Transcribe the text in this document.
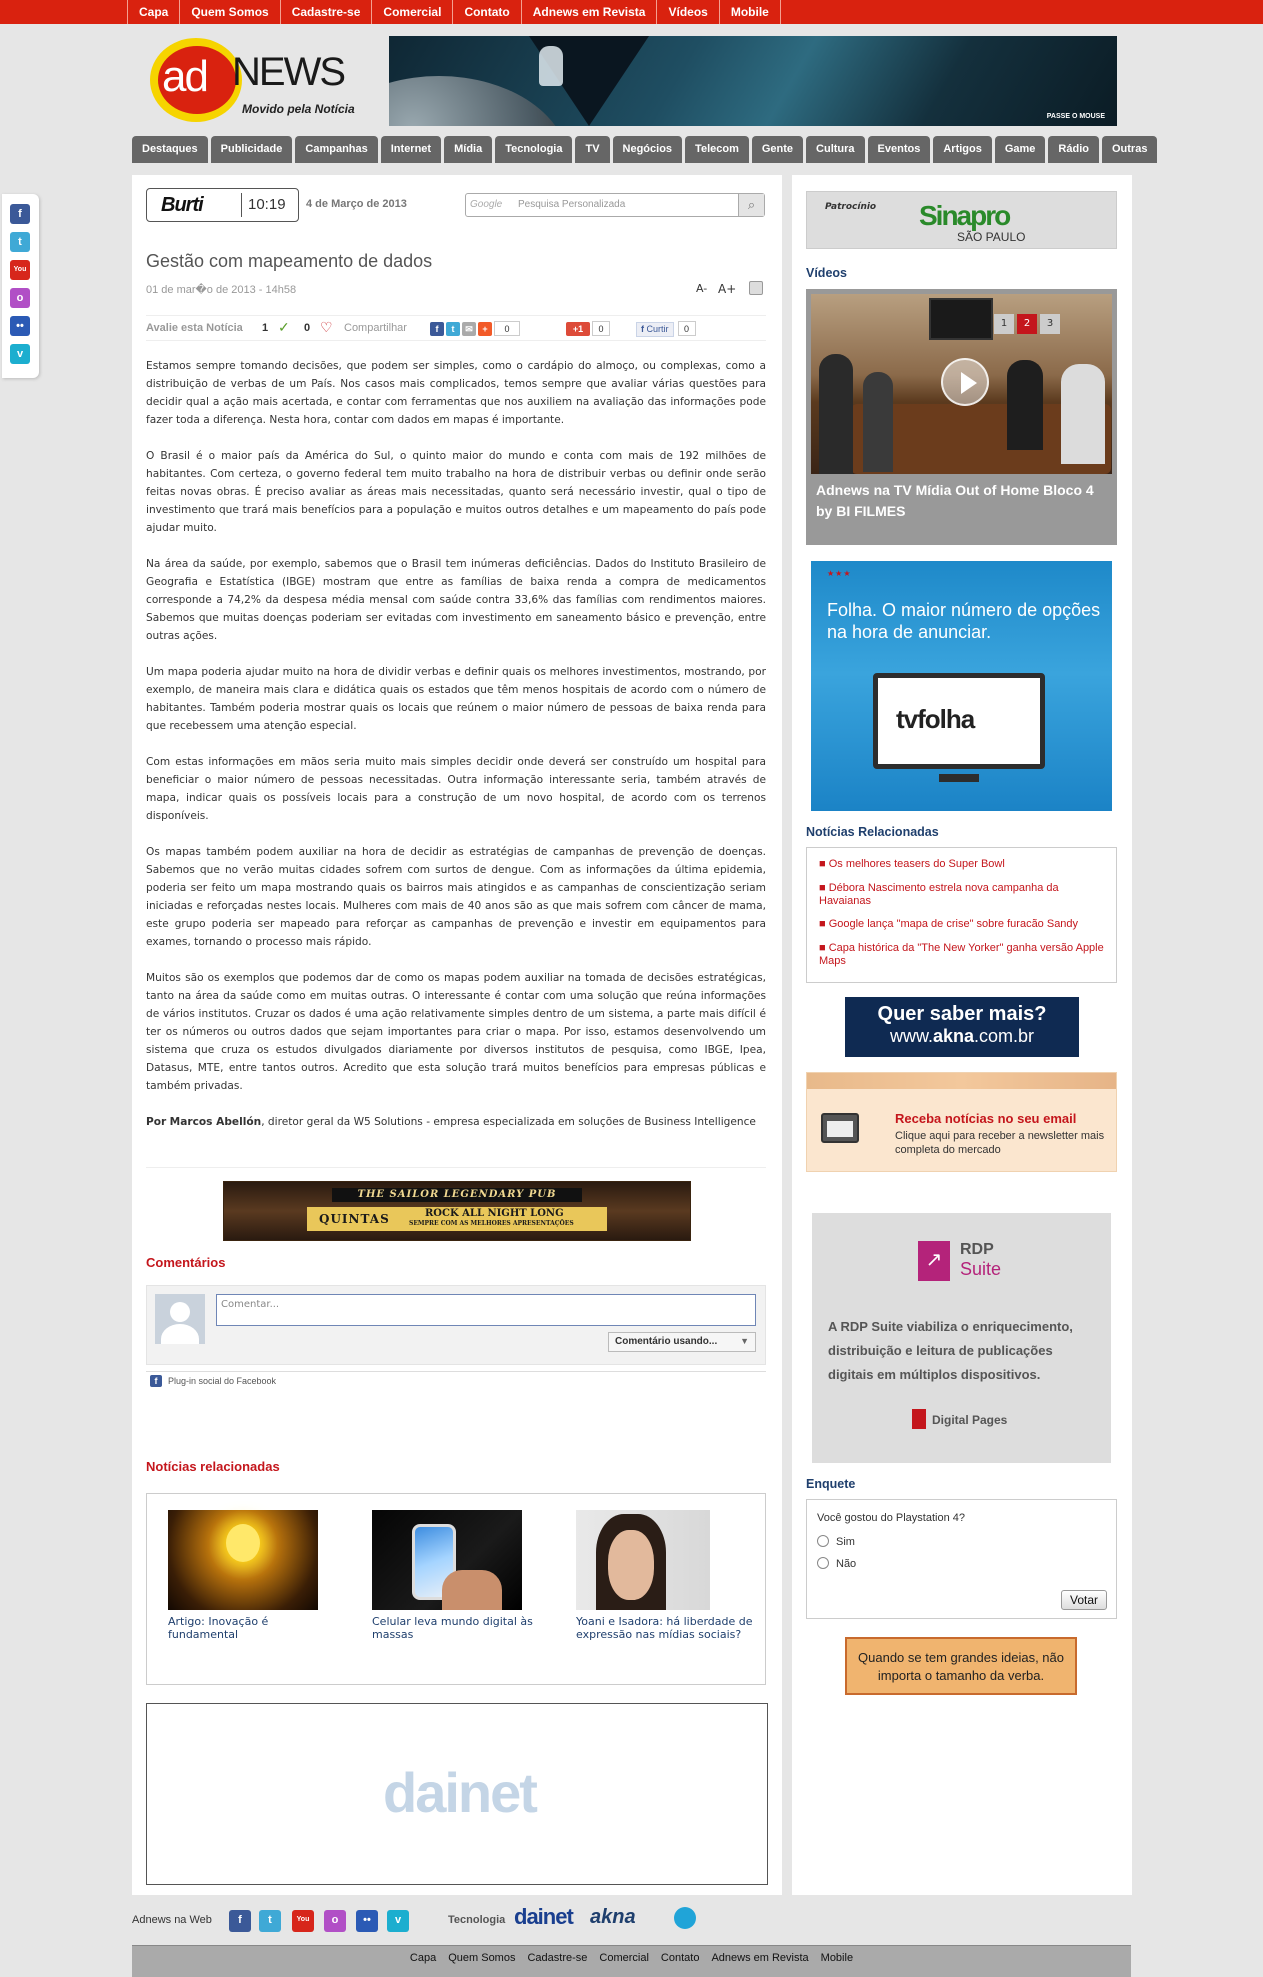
Capa	Quem Somos	Cadastre-se	Comercial	Contato	Adnews em Revista	Vídeos	Mobile
ad NEWS
Movido pela Notícia
PASSE O MOUSE
Destaques	Publicidade	Campanhas	Internet	Mídia	Tecnologia	TV	Negócios	Telecom	Gente	Cultura	Eventos	Artigos	Game	Rádio	Outras
f
t
You
o
••
v
Burti	10:19 4 de Março de 2013	Google Pesquisa Personalizada	⌕
Gestão com mapeamento de dados
01 de mar�o de 2013 - 14h58	A- A+
Avalie esta Notícia 1 ✓ 0 ♡ Compartilhar	f t ✉ + 0	+1 0	f Curtir 0

Estamos sempre tomando decisões, que podem ser simples, como o cardápio do almoço, ou complexas, como a distribuição de verbas de um País. Nos casos mais complicados, temos sempre que avaliar várias questões para decidir qual a ação mais acertada, e contar com ferramentas que nos auxiliem na avaliação das informações pode fazer toda a diferença. Nesta hora, contar com dados em mapas é importante.

O Brasil é o maior país da América do Sul, o quinto maior do mundo e conta com mais de 192 milhões de habitantes. Com certeza, o governo federal tem muito trabalho na hora de distribuir verbas ou definir onde serão feitas novas obras. É preciso avaliar as áreas mais necessitadas, quanto será necessário investir, qual o tipo de investimento que trará mais benefícios para a população e muitos outros detalhes e um mapeamento do país pode ajudar muito.

Na área da saúde, por exemplo, sabemos que o Brasil tem inúmeras deficiências. Dados do Instituto Brasileiro de Geografia e Estatística (IBGE) mostram que entre as famílias de baixa renda a compra de medicamentos corresponde a 74,2% da despesa média mensal com saúde contra 33,6% das famílias com rendimentos maiores. Sabemos que muitas doenças poderiam ser evitadas com investimento em saneamento básico e prevenção, entre outras ações.

Um mapa poderia ajudar muito na hora de dividir verbas e definir quais os melhores investimentos, mostrando, por exemplo, de maneira mais clara e didática quais os estados que têm menos hospitais de acordo com o número de habitantes. Também poderia mostrar quais os locais que reúnem o maior número de pessoas de baixa renda para que recebessem uma atenção especial.

Com estas informações em mãos seria muito mais simples decidir onde deverá ser construído um hospital para beneficiar o maior número de pessoas necessitadas. Outra informação interessante seria, também através de mapa, indicar quais os possíveis locais para a construção de um novo hospital, de acordo com os terrenos disponíveis.

Os mapas também podem auxiliar na hora de decidir as estratégias de campanhas de prevenção de doenças. Sabemos que no verão muitas cidades sofrem com surtos de dengue. Com as informações da última epidemia, poderia ser feito um mapa mostrando quais os bairros mais atingidos e as campanhas de conscientização seriam iniciadas e reforçadas nestes locais. Mulheres com mais de 40 anos são as que mais sofrem com câncer de mama, este grupo poderia ser mapeado para reforçar as campanhas de prevenção e investir em equipamentos para exames, tornando o processo mais rápido.

Muitos são os exemplos que podemos dar de como os mapas podem auxiliar na tomada de decisões estratégicas, tanto na área da saúde como em muitas outras. O interessante é contar com uma solução que reúna informações de vários institutos. Cruzar os dados é uma ação relativamente simples dentro de um sistema, a parte mais difícil é ter os números ou outros dados que sejam importantes para criar o mapa. Por isso, estamos desenvolvendo um sistema que cruza os estudos divulgados diariamente por diversos institutos de pesquisa, como IBGE, Ipea, Datasus, MTE, entre tantos outros. Acredito que esta solução trará muitos benefícios para empresas públicas e também privadas.

Por Marcos Abellón, diretor geral da W5 Solutions - empresa especializada em soluções de Business Intelligence

THE SAILOR LEGENDARY PUB
QUINTAS	ROCK ALL NIGHT LONG
SEMPRE COM AS MELHORES APRESENTAÇÕES
Comentários
Comentar...
Comentário usando...	▼
f	Plug-in social do Facebook
Notícias relacionadas
Artigo: Inovação é fundamental
Celular leva mundo digital às massas
Yoani e Isadora: há liberdade de expressão nas mídias sociais?
dainet
Patrocínio Sinapro
SÃO PAULO
Vídeos
1	2	3
Adnews na TV Mídia Out of Home Bloco 4 by BI FILMES
★★★
Folha. O maior número de opções na hora de anunciar.
tvfolha
Notícias Relacionadas
■ Os melhores teasers do Super Bowl
■ Débora Nascimento estrela nova campanha da Havaianas
■ Google lança "mapa de crise" sobre furacão Sandy
■ Capa histórica da "The New Yorker" ganha versão Apple Maps
Quer saber mais?
www.akna.com.br
Receba notícias no seu email
Clique aqui para receber a newsletter mais completa do mercado
↗	RDP
Suite
A RDP Suite viabiliza o enriquecimento, distribuição e leitura de publicações digitais em múltiplos dispositivos.
Digital Pages
Enquete
Você gostou do Playstation 4?
Sim
Não
Votar
Quando se tem grandes ideias, não importa o tamanho da verba.
Adnews na Web	f	t	You	o	••	v	Tecnologia dainet akna
Capa Quem Somos Cadastre-se Comercial Contato Adnews em Revista Mobile
